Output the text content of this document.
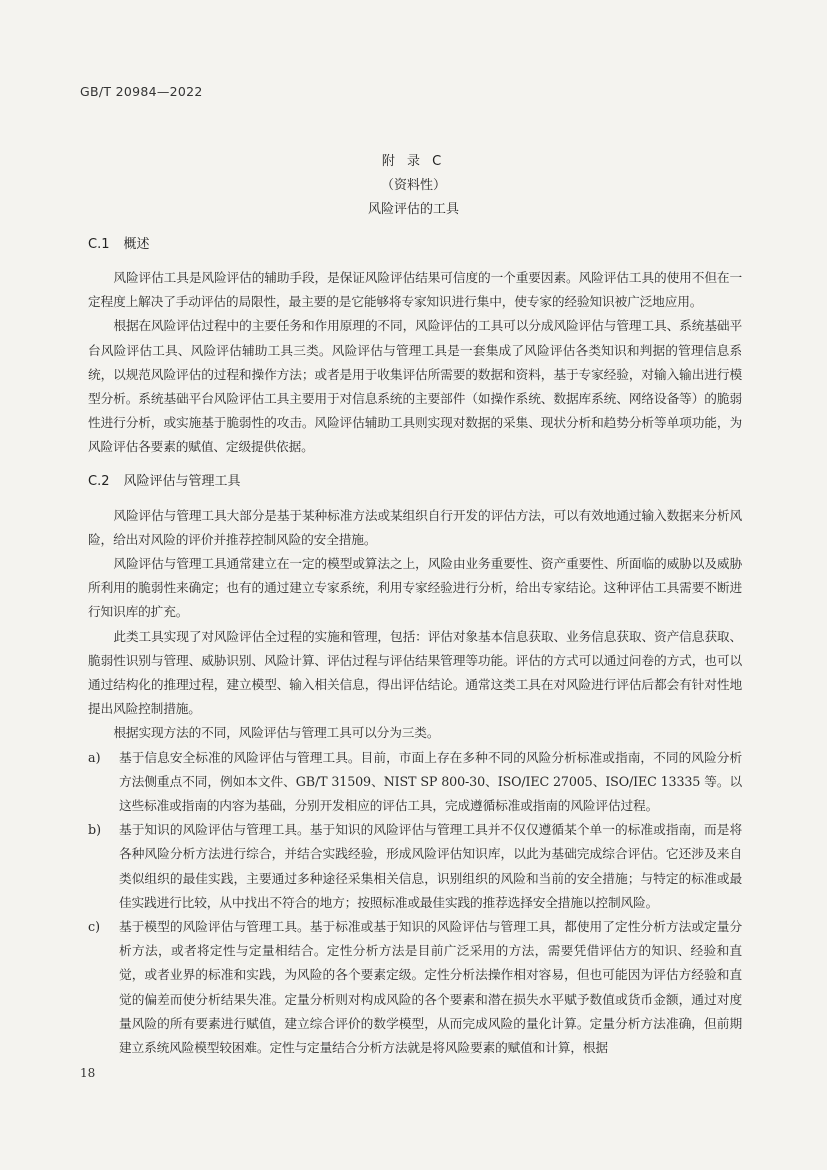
GB/T 20984—2022
附 录 C
（资料性）
风险评估的工具
C.1 概述

风险评估工具是风险评估的辅助手段，是保证风险评估结果可信度的一个重要因素。风险评估工具的使用不但在一定程度上解决了手动评估的局限性，最主要的是它能够将专家知识进行集中，使专家的经验知识被广泛地应用。

根据在风险评估过程中的主要任务和作用原理的不同，风险评估的工具可以分成风险评估与管理工具、系统基础平台风险评估工具、风险评估辅助工具三类。风险评估与管理工具是一套集成了风险评估各类知识和判据的管理信息系统，以规范风险评估的过程和操作方法；或者是用于收集评估所需要的数据和资料，基于专家经验，对输入输出进行模型分析。系统基础平台风险评估工具主要用于对信息系统的主要部件（如操作系统、数据库系统、网络设备等）的脆弱性进行分析，或实施基于脆弱性的攻击。风险评估辅助工具则实现对数据的采集、现状分析和趋势分析等单项功能，为风险评估各要素的赋值、定级提供依据。

C.2 风险评估与管理工具

风险评估与管理工具大部分是基于某种标准方法或某组织自行开发的评估方法，可以有效地通过输入数据来分析风险，给出对风险的评价并推荐控制风险的安全措施。

风险评估与管理工具通常建立在一定的模型或算法之上，风险由业务重要性、资产重要性、所面临的威胁以及威胁所利用的脆弱性来确定；也有的通过建立专家系统，利用专家经验进行分析，给出专家结论。这种评估工具需要不断进行知识库的扩充。

此类工具实现了对风险评估全过程的实施和管理，包括：评估对象基本信息获取、业务信息获取、资产信息获取、脆弱性识别与管理、威胁识别、风险计算、评估过程与评估结果管理等功能。评估的方式可以通过问卷的方式，也可以通过结构化的推理过程，建立模型、输入相关信息，得出评估结论。通常这类工具在对风险进行评估后都会有针对性地提出风险控制措施。

根据实现方法的不同，风险评估与管理工具可以分为三类。

a) 基于信息安全标准的风险评估与管理工具。目前，市面上存在多种不同的风险分析标准或指南，不同的风险分析方法侧重点不同，例如本文件、GB/T 31509、NIST SP 800-30、ISO/IEC 27005、ISO/IEC 13335 等。以这些标准或指南的内容为基础，分别开发相应的评估工具，完成遵循标准或指南的风险评估过程。

b) 基于知识的风险评估与管理工具。基于知识的风险评估与管理工具并不仅仅遵循某个单一的标准或指南，而是将各种风险分析方法进行综合，并结合实践经验，形成风险评估知识库，以此为基础完成综合评估。它还涉及来自类似组织的最佳实践，主要通过多种途径采集相关信息，识别组织的风险和当前的安全措施；与特定的标准或最佳实践进行比较，从中找出不符合的地方；按照标准或最佳实践的推荐选择安全措施以控制风险。

c) 基于模型的风险评估与管理工具。基于标准或基于知识的风险评估与管理工具，都使用了定性分析方法或定量分析方法，或者将定性与定量相结合。定性分析方法是目前广泛采用的方法，需要凭借评估方的知识、经验和直觉，或者业界的标准和实践，为风险的各个要素定级。定性分析法操作相对容易，但也可能因为评估方经验和直觉的偏差而使分析结果失准。定量分析则对构成风险的各个要素和潜在损失水平赋予数值或货币金额，通过对度量风险的所有要素进行赋值，建立综合评价的数学模型，从而完成风险的量化计算。定量分析方法准确，但前期建立系统风险模型较困难。定性与定量结合分析方法就是将风险要素的赋值和计算，根据

18
